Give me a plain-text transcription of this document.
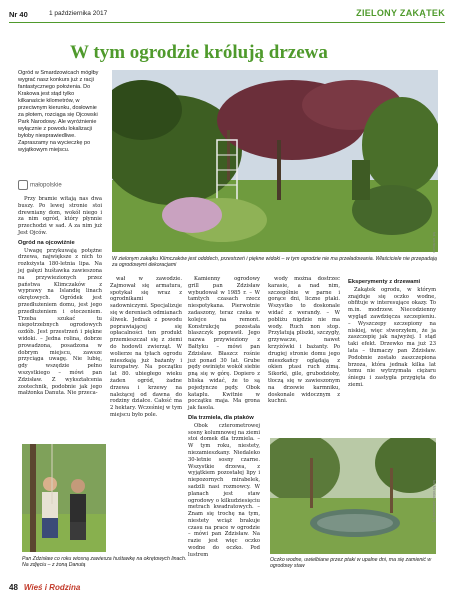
Nr 40	1 października 2017	ZIELONY ZAKĄTEK
W tym ogrodzie królują drzewa
Ogród w Smardzowicach mógłby wygrać nasz konkurs już z racji fantastycznego położenia. Do Krakowa jest stąd tylko kilkanaście kilometrów, w przeciwnym kierunku, dosłownie za płotem, rozciąga się Ojcowski Park Narodowy. Ale wyróżnienie wyłącznie z powodu lokalizacji byłoby niesprawiedliwe. Zapraszamy na wycieczkę po wyjątkowym miejscu.
małopolskie
fot. archiwum
W zielonym zakątku Klimczaków jest odddech, przestrzeń i piękne widoki – w tym ogrodzie nie ma przeładowania. Właściciele nie przepadają za ogrodowymi dekoracjami

Przy bramie witają nas dwa buszy. Po lewej stronie stoi drewniany dom, wokół niego i za nim ogród, który płynnie przechodzi w sad. A za nim już Jest Ojców.

Ogród na ojcowiźnie

Uwagę przykuwają potężne drzewa, największe z nich to rozłożysta 180-letnia lipa. Na jej gałęzi huśtawka zawieszona na przywiezionych przez państwa Klimczaków z wyprawy na Islandię linach okrętowych. Ogródek jest przedłużeniem domu, jest jego przedłużeniem i otoczeniem. Trzeba szukać tu niepotrzebnych ogrodowych ozdób. Jest przestrzeń i piękne widoki. – Jedna rolina, dobrze prowadzona, posadzona w dobrym miejscu, zawsze przyciąga uwagę. Nie lubię, gdy wszędzie pełno wszystkiego – mówi pan Zdzisław. Z wykształcenia zootechnik, podobnie jak jego małżonka Danuta. Nie przeca-

wał w zawodzie. Zajmował się armatura, spotykał się wraz z ogrodnikami sadowniczymi. Specjalizuje się w dereniach odmianach śliwek. Jednak z powodu poprawiającej się opłacalności ten produkt przemieszczał się z ziemi do hodowli zwierząt. W wolierze na tyłach ogrodu mieszkają już bażanty i kuropatwy. Na początku lat 80. ubiegłego wieku żaden ogród, żadne drzewa i krzewy na należącej od dawna do rodziny działce. Całość ma 2 hektary. Wcześniej w tym miejscu było pole.

Kamienny ogrodowy grill pan Zdzisław wybudował w 1985 r. – W tamtych czasach rzecz niespotykana. Pierwotnie zadaszony, teraz czeka w kolejce na remont. Konstrukcję pozostała blaszczyk poprawił. Jego nazwa przywieziony z Bałtyku – mówi pan Zdzisław. Błaszcz rośnie już ponad 30 lat. Grube pędy owinięte wokół siebie pną się w górę. Dopiero z bliska widać, że to są pojedyncze pędy. Obok kataplu. Kwitnie w początku maja. Ma grona jak fasola.

Dla trzmiela, dla ptaków

Obok czterometrowej sosny kolumnowej na ziemi stoi domek dla trzmiela. – W tym roku, niestety, niezamieszkany. Niedaleko 30-letnie sosny czarne. Wszystkie drzewa, z wyjątkiem pozostałej lipy i niepozornych mirabelek, sadzili nasi rozmowcy. W planach jest staw ogrodowy o kilkudziesięciu metrach kwadratowych. – Znam się trochę na tym, niestety wciąż brakuje czasu na prace w ogrodzie – mówi pan Zdzisław. Na razie jest więc oczko wodne do oczko. Pod lustrem

wody można dostrzec karasie, a nad nim, szczególnie w parne i gorące dni, liczne ptaki. Wszystko to doskonale widać z werandy. – W pobliżu nigdzie nie ma wody. Ruch non stop. Przylatują pliszki, szczygły, grzywacze, nawet krzyżówki i bażanty. Po drugiej stronie domu jego mieszkańcy oglądają z okien ptasi ruch zimą. Sikorki, gile, grubodzioby, tłoczą się w zawieszonym na drzewie karmniku, doskonale widocznym z kuchni.

Eksperymenty z drzewami

Zakątek ogrodu, w którym znajduje się oczko wodne, obfituje w interesujące okazy. To m.in. modrzew. Niecodzienny wygląd zawdzięcza szczepieniu. – Wyszczepy szczepiony na niskiej, więc stworzyłem, że ja zaszczepię jak najwyżej. I stąd taki efekt. Drzewko ma już 23 lata – tłumaczy pan Zdzisław. Podobnie zostało zaszczepiona brzoza, która jednak kilka lat temu nie wytrzymała ciężaru śniegu i zastygła przygięta do ziemi.

Pan Zdzisław co roku wiosną zawiesza huśtawkę na okrętowych linach. Na zdjęciu – z żoną Danutą
fot. Mirosław Jankowski (2)
Oczko wodne, uwielbiane przez ptaki w upalne dni, ma się zamienić w ogrodowy staw
48 Wieś i Rodzina
